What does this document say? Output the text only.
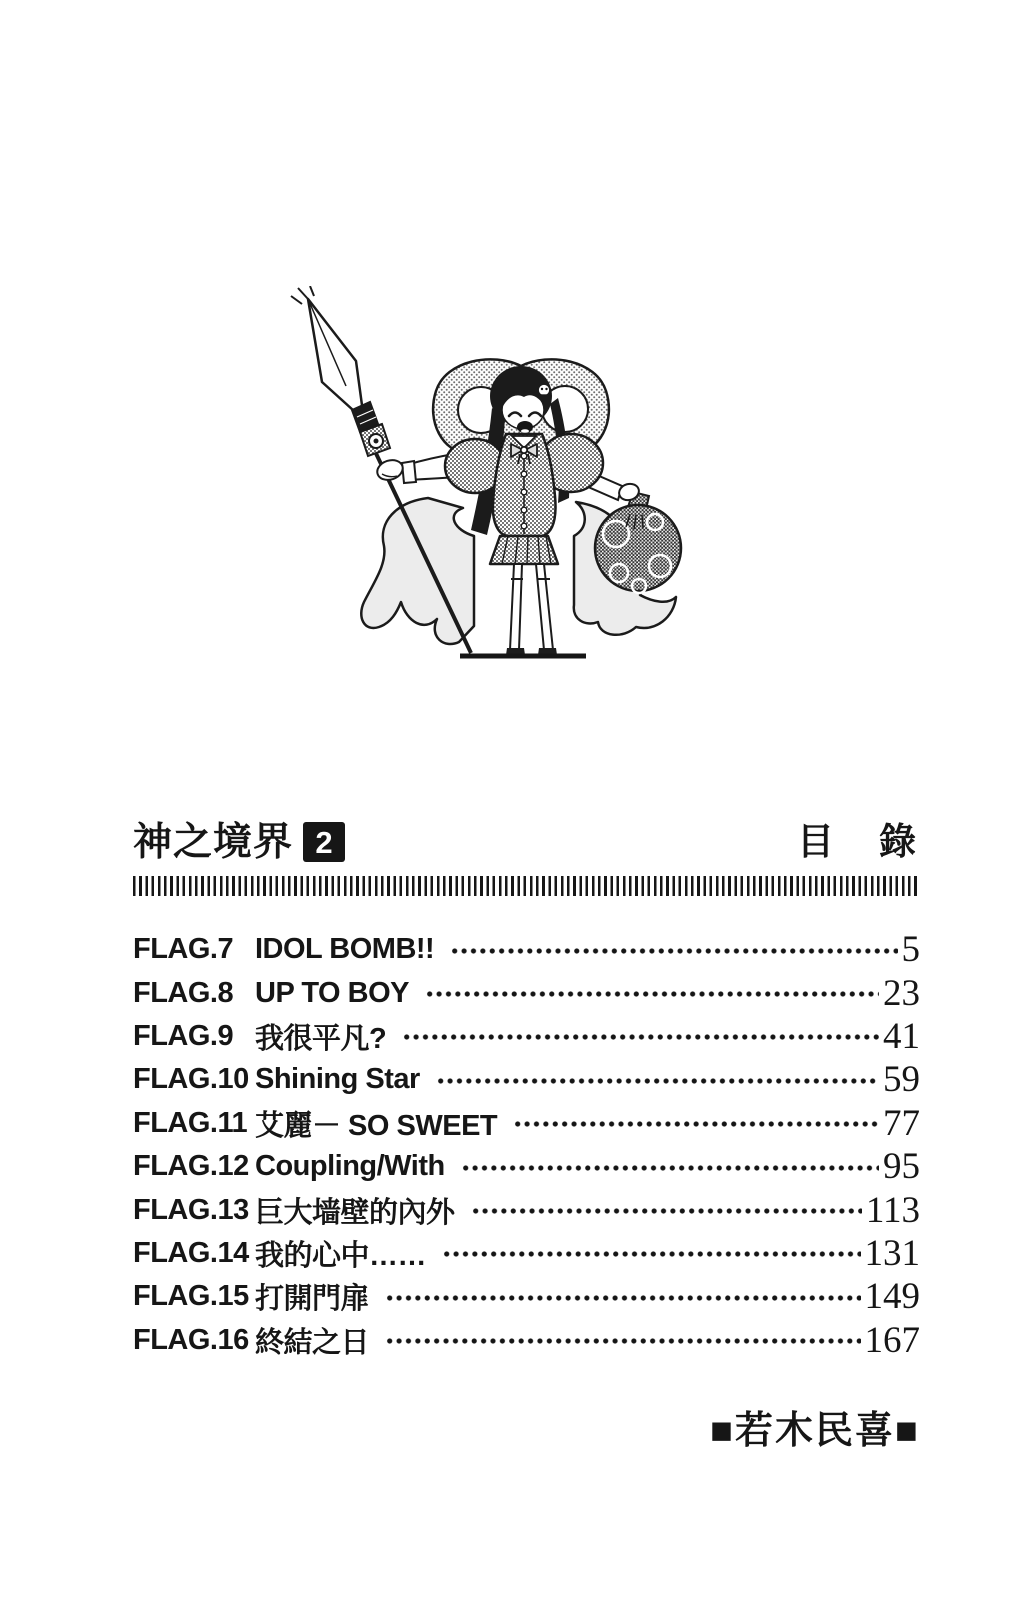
神之境界 2	目　錄
FLAG.7 IDOL BOMB!!	5
FLAG.8 UP TO BOY	23
FLAG.9 我很平凡?	41
FLAG.10 Shining Star	59
FLAG.11 艾麗－ SO SWEET	77
FLAG.12 Coupling/With	95
FLAG.13 巨大墙壁的內外	113
FLAG.14 我的心中……	131
FLAG.15 打開門扉	149
FLAG.16 終結之日	167
■若木民喜■
